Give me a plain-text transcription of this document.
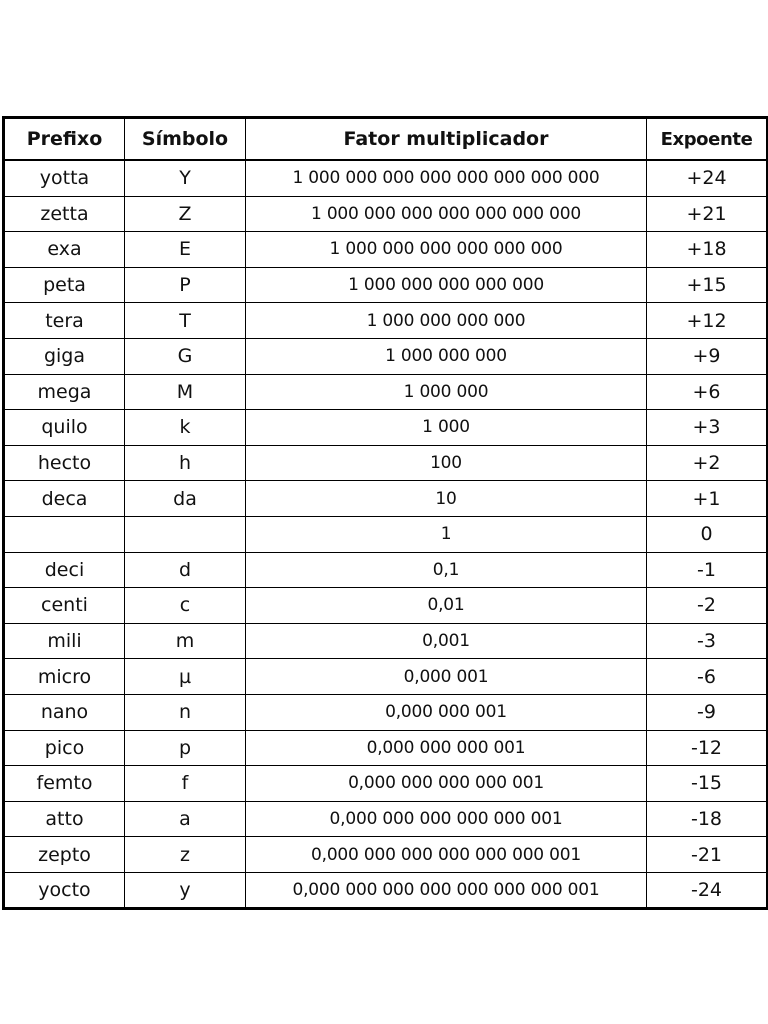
Prefixo	Símbolo	Fator multiplicador	Expoente
yotta	Y	1 000 000 000 000 000 000 000 000	+24
zetta	Z	1 000 000 000 000 000 000 000	+21
exa	E	1 000 000 000 000 000 000	+18
peta	P	1 000 000 000 000 000	+15
tera	T	1 000 000 000 000	+12
giga	G	1 000 000 000	+9
mega	M	1 000 000	+6
quilo	k	1 000	+3
hecto	h	100	+2
deca	da	10	+1
		1	0
deci	d	0,1	-1
centi	c	0,01	-2
mili	m	0,001	-3
micro	µ	0,000 001	-6
nano	n	0,000 000 001	-9
pico	p	0,000 000 000 001	-12
femto	f	0,000 000 000 000 001	-15
atto	a	0,000 000 000 000 000 001	-18
zepto	z	0,000 000 000 000 000 000 001	-21
yocto	y	0,000 000 000 000 000 000 000 001	-24
